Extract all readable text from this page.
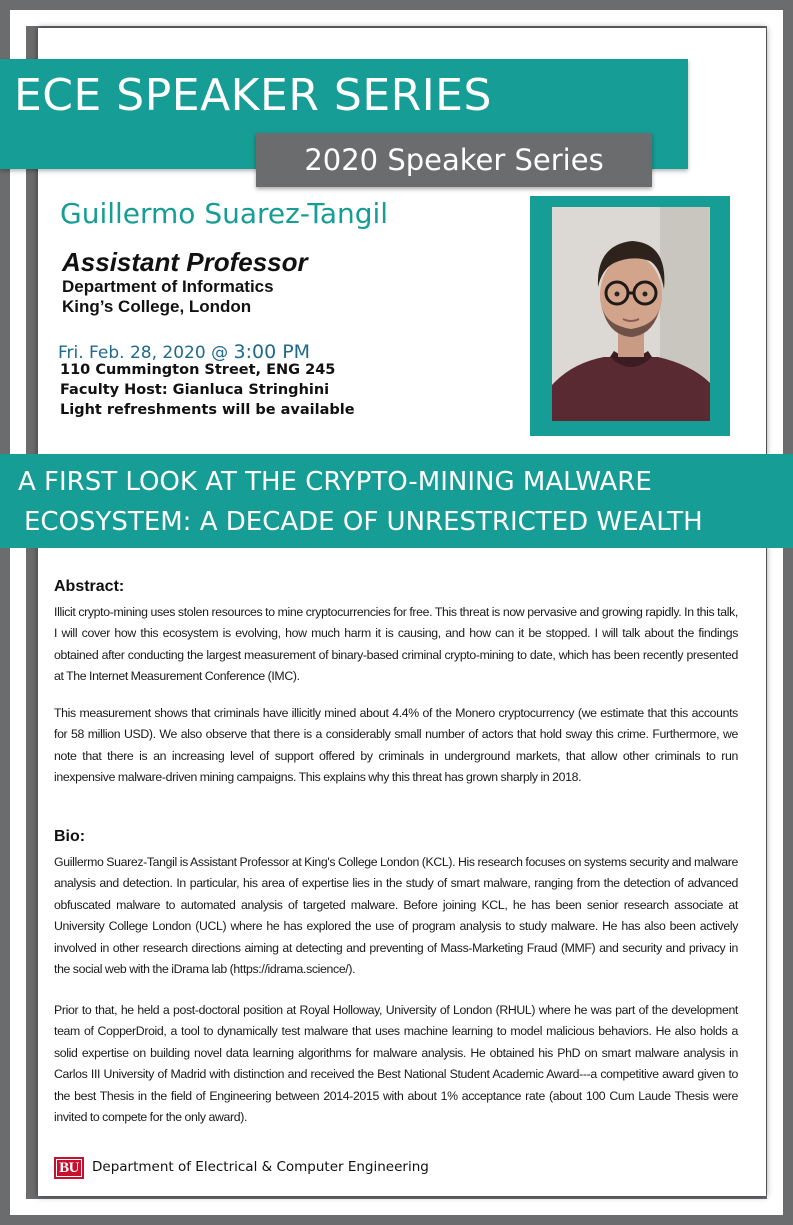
ECE SPEAKER SERIES
2020 Speaker Series
Guillermo Suarez-Tangil
Assistant Professor
Department of Informatics
King’s College, London
Fri. Feb. 28, 2020 @ 3:00 PM
110 Cummington Street, ENG 245
Faculty Host: Gianluca Stringhini
Light refreshments will be available
A FIRST LOOK AT THE CRYPTO-MINING MALWARE
ECOSYSTEM: A DECADE OF UNRESTRICTED WEALTH
Abstract:

Illicit crypto-mining uses stolen resources to mine cryptocurrencies for free. This threat is now pervasive and growing rapidly. In this talk, I will cover how this ecosystem is evolving, how much harm it is causing, and how can it be stopped. I will talk about the findings obtained after conducting the largest measurement of binary-based criminal crypto-mining to date, which has been recently presented at The Internet Measurement Conference (IMC).

This measurement shows that criminals have illicitly mined about 4.4% of the Monero cryptocurrency (we estimate that this accounts for 58 million USD). We also observe that there is a considerably small number of actors that hold sway this crime. Furthermore, we note that there is an increasing level of support offered by criminals in underground markets, that allow other criminals to run inexpensive malware-driven mining campaigns. This explains why this threat has grown sharply in 2018.

Bio:

Guillermo Suarez-Tangil is Assistant Professor at King's College London (KCL). His research focuses on systems security and malware analysis and detection. In particular, his area of expertise lies in the study of smart malware, ranging from the detection of advanced obfuscated malware to automated analysis of targeted malware. Before joining KCL, he has been senior research associate at University College London (UCL) where he has explored the use of program analysis to study malware. He has also been actively involved in other research directions aiming at detecting and preventing of Mass-Marketing Fraud (MMF) and security and privacy in the social web with the iDrama lab (https://idrama.science/).

Prior to that, he held a post-doctoral position at Royal Holloway, University of London (RHUL) where he was part of the development team of CopperDroid, a tool to dynamically test malware that uses machine learning to model malicious behaviors. He also holds a solid expertise on building novel data learning algorithms for malware analysis. He obtained his PhD on smart malware analysis in Carlos III University of Madrid with distinction and received the Best National Student Academic Award---a competitive award given to the best Thesis in the field of Engineering between 2014-2015 with about 1% acceptance rate (about 100 Cum Laude Thesis were invited to compete for the only award).

BU Department of Electrical & Computer Engineering
